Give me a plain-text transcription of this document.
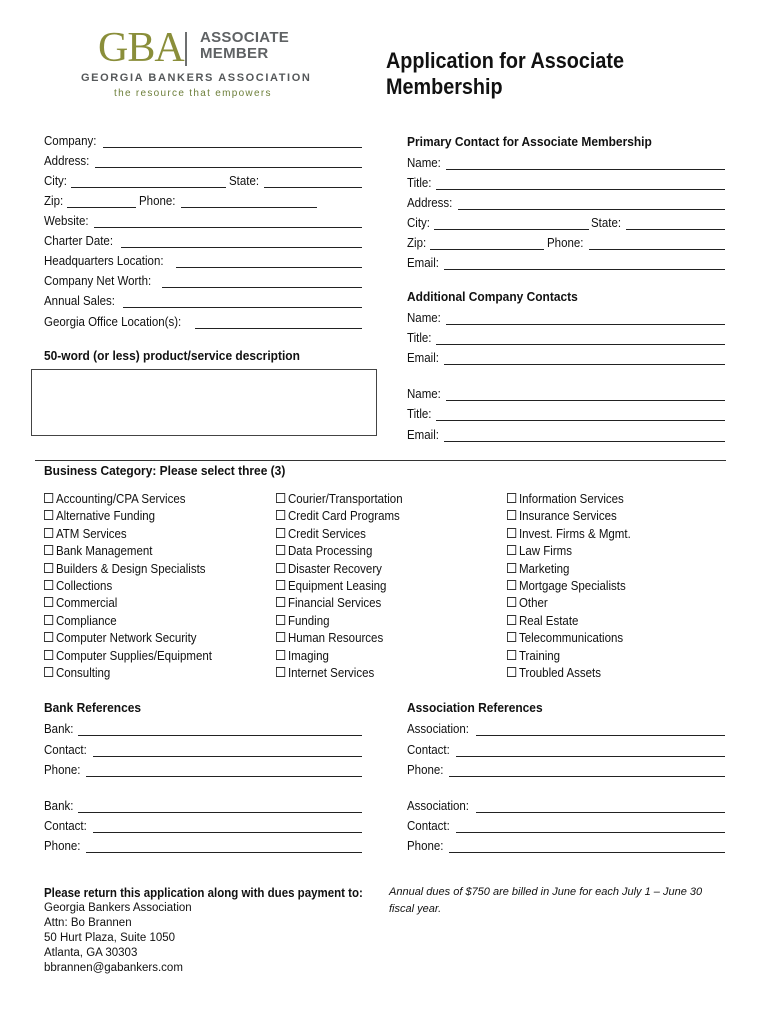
GBA ASSOCIATE
MEMBER
GEORGIA BANKERS ASSOCIATION
the resource that empowers
Application for Associate Membership
Company:
Address:
City:	State:
Zip:	Phone:
Website:
Charter Date:
Headquarters Location:
Company Net Worth:
Annual Sales:
Georgia Office Location(s):
50-word (or less) product/service description
Primary Contact for Associate Membership
Name:
Title:
Address:
City:	State:
Zip:	Phone:
Email:
Additional Company Contacts
Name:
Title:
Email:
Name:
Title:
Email:
Business Category: Please select three (3)
Accounting/CPA Services
Alternative Funding
ATM Services
Bank Management
Builders & Design Specialists
Collections
Commercial
Compliance
Computer Network Security
Computer Supplies/Equipment
Consulting
Courier/Transportation
Credit Card Programs
Credit Services
Data Processing
Disaster Recovery
Equipment Leasing
Financial Services
Funding
Human Resources
Imaging
Internet Services
Information Services
Insurance Services
Invest. Firms & Mgmt.
Law Firms
Marketing
Mortgage Specialists
Other
Real Estate
Telecommunications
Training
Troubled Assets
Bank References
Bank:
Contact:
Phone:
Bank:
Contact:
Phone:
Association References
Association:
Contact:
Phone:
Association:
Contact:
Phone:
Please return this application along with dues payment to:
Georgia Bankers Association
Attn: Bo Brannen
50 Hurt Plaza, Suite 1050
Atlanta, GA 30303
bbrannen@gabankers.com
Annual dues of $750 are billed in June for each July 1 – June 30 fiscal year.
